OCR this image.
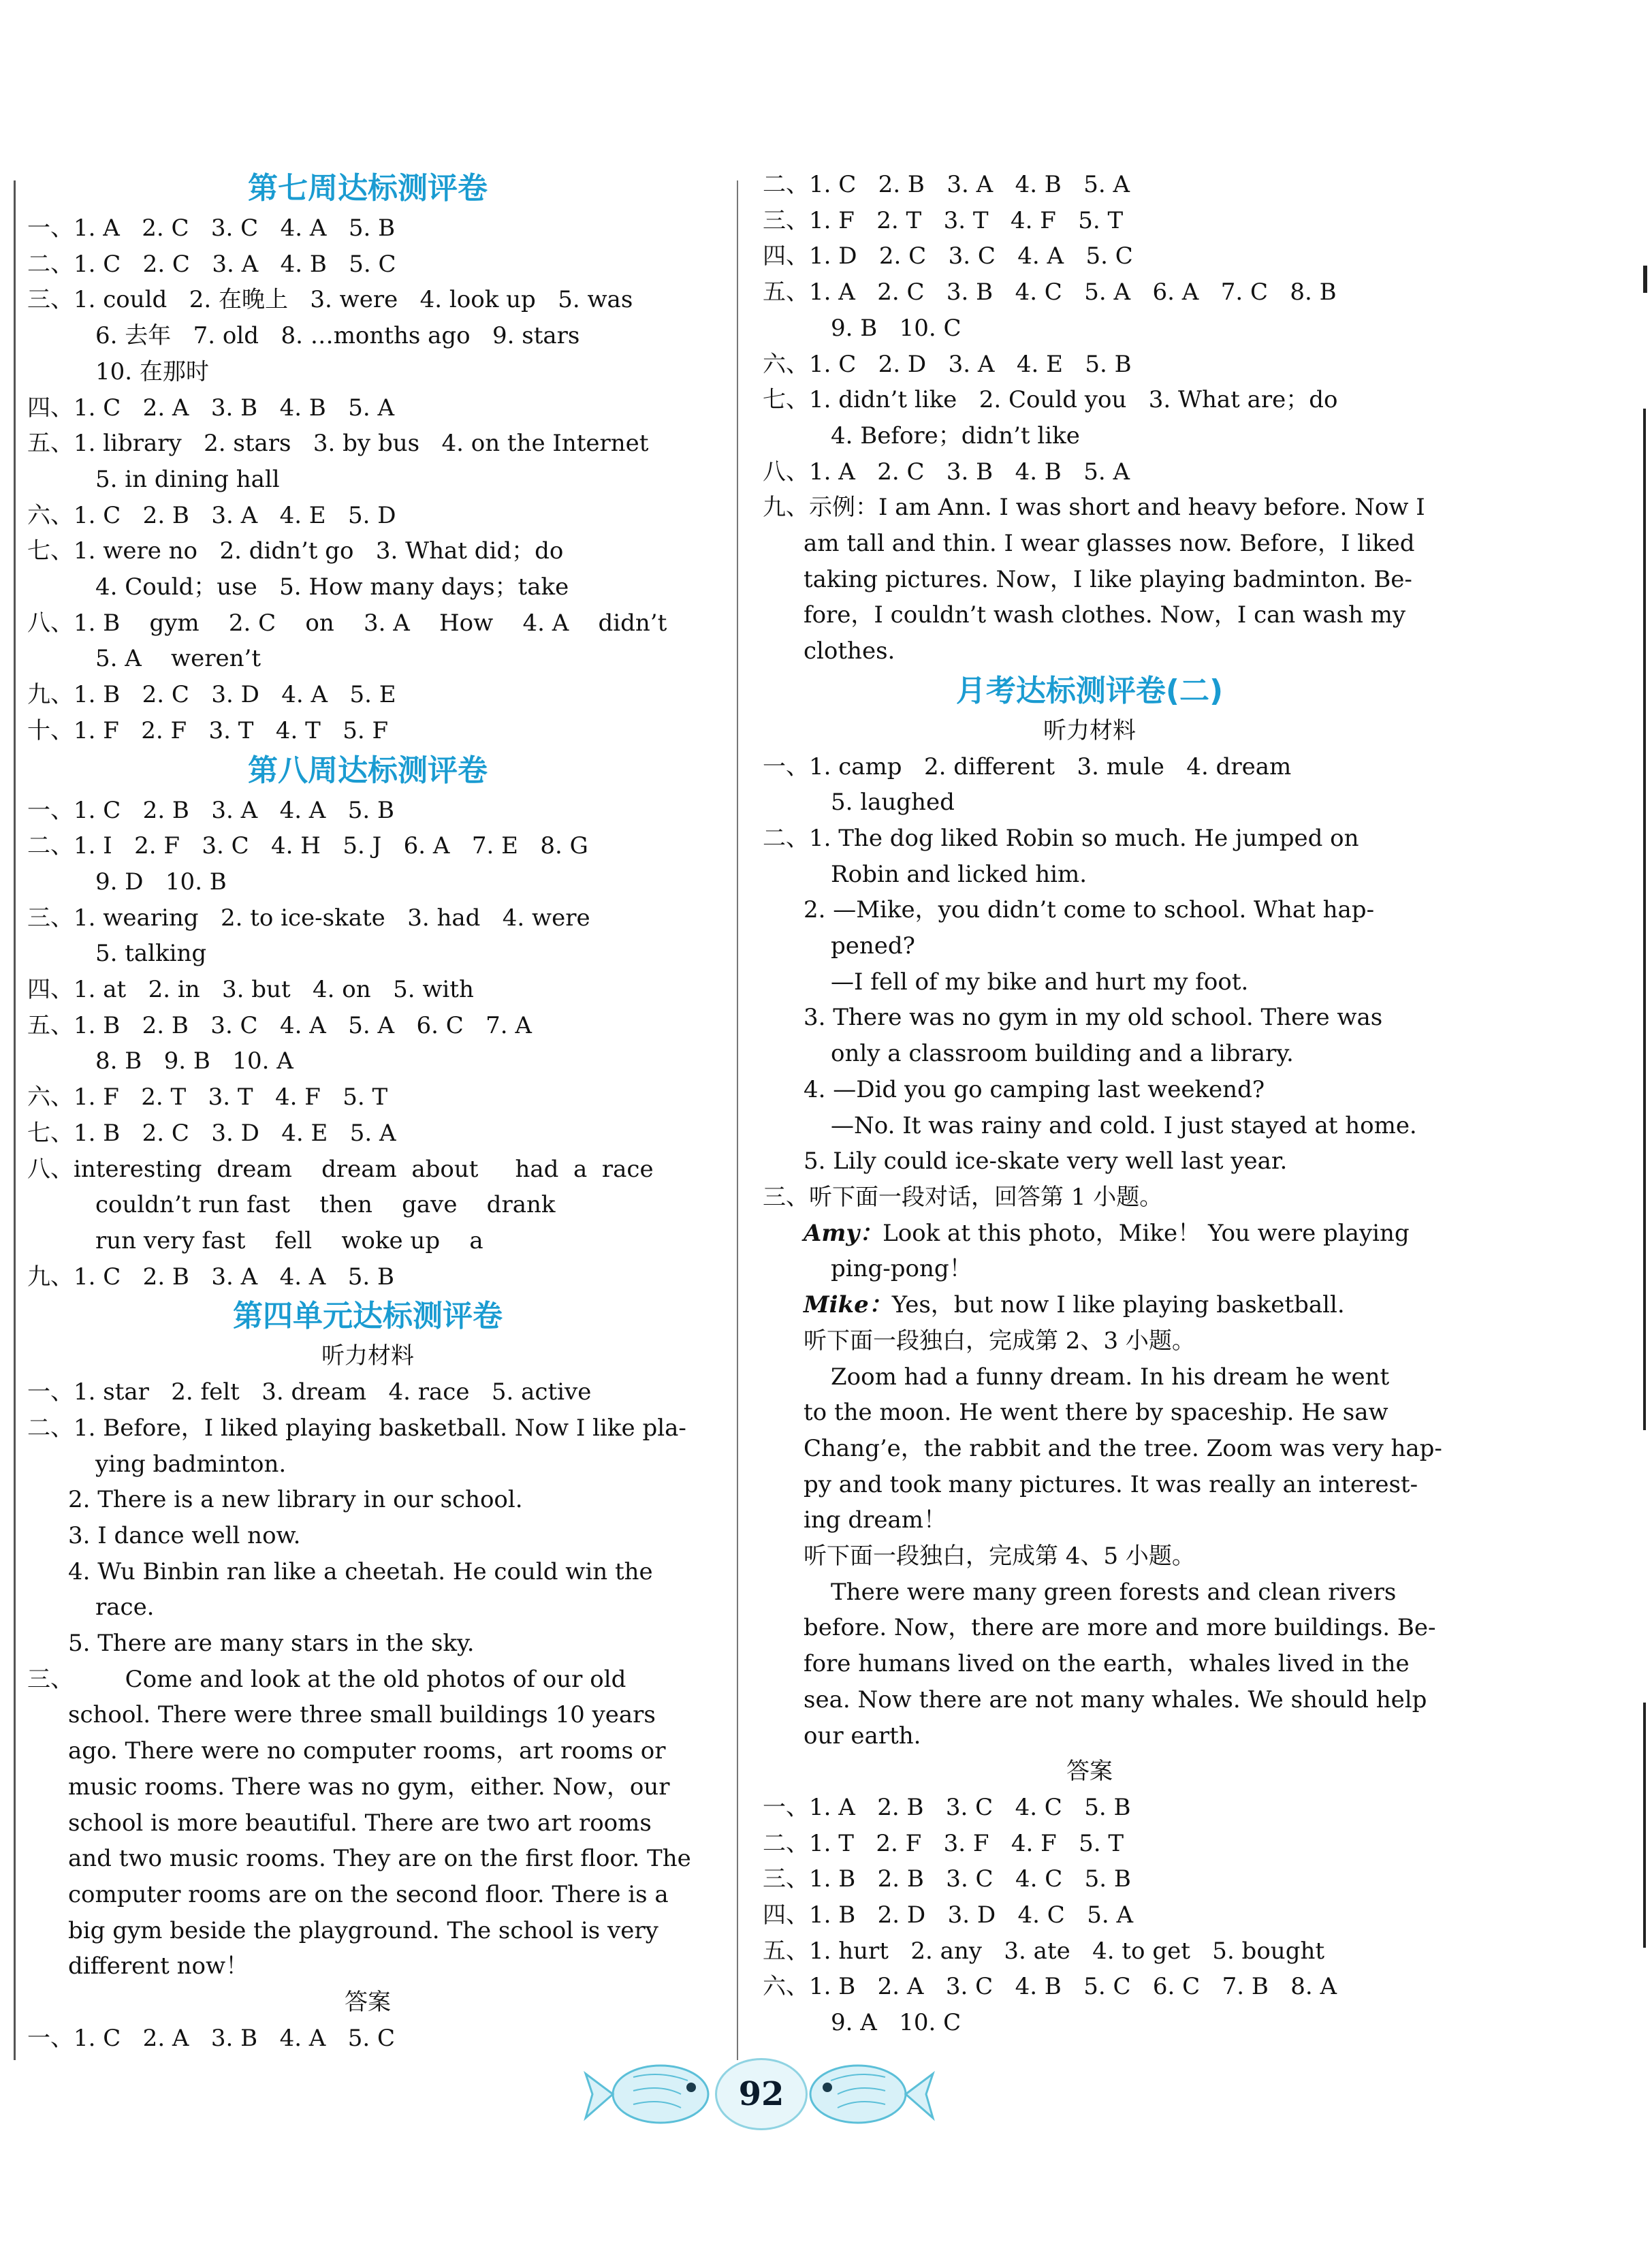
第七周达标测评卷
一、1. A   2. C   3. C   4. A   5. B
二、1. C   2. C   3. A   4. B   5. C
三、1. could   2. 在晚上   3. were   4. look up   5. was
6. 去年   7. old   8. …months ago   9. stars
10. 在那时
四、1. C   2. A   3. B   4. B   5. A
五、1. library   2. stars   3. by bus   4. on the Internet
5. in dining hall
六、1. C   2. B   3. A   4. E   5. D
七、1. were no   2. didn’t go   3. What did；do
4. Could；use   5. How many days；take
八、1. B    gym    2. C    on    3. A    How    4. A    didn’t
5. A    weren’t
九、1. B   2. C   3. D   4. A   5. E
十、1. F   2. F   3. T   4. T   5. F
第八周达标测评卷
一、1. C   2. B   3. A   4. A   5. B
二、1. I   2. F   3. C   4. H   5. J   6. A   7. E   8. G
9. D   10. B
三、1. wearing   2. to ice-skate   3. had   4. were
5. talking
四、1. at   2. in   3. but   4. on   5. with
五、1. B   2. B   3. C   4. A   5. A   6. C   7. A
8. B   9. B   10. A
六、1. F   2. T   3. T   4. F   5. T
七、1. B   2. C   3. D   4. E   5. A
八、interesting  dream    dream  about     had  a  race
couldn’t run fast    then    gave    drank
run very fast    fell    woke up    a
九、1. C   2. B   3. A   4. A   5. B
第四单元达标测评卷
听力材料
一、1. star   2. felt   3. dream   4. race   5. active
二、1. Before，I liked playing basketball. Now I like pla-
ying badminton.
2. There is a new library in our school.
3. I dance well now.
4. Wu Binbin ran like a cheetah. He could win the
race.
5. There are many stars in the sky.
三、       Come and look at the old photos of our old
school. There were three small buildings 10 years
ago. There were no computer rooms，art rooms or
music rooms. There was no gym，either. Now，our
school is more beautiful. There are two art rooms
and two music rooms. They are on the first floor. The
computer rooms are on the second floor. There is a
big gym beside the playground. The school is very
different now！
答案
一、1. C   2. A   3. B   4. A   5. C
二、1. C   2. B   3. A   4. B   5. A
三、1. F   2. T   3. T   4. F   5. T
四、1. D   2. C   3. C   4. A   5. C
五、1. A   2. C   3. B   4. C   5. A   6. A   7. C   8. B
9. B   10. C
六、1. C   2. D   3. A   4. E   5. B
七、1. didn’t like   2. Could you   3. What are；do
4. Before；didn’t like
八、1. A   2. C   3. B   4. B   5. A
九、示例：I am Ann. I was short and heavy before. Now I
am tall and thin. I wear glasses now. Before，I liked
taking pictures. Now，I like playing badminton. Be-
fore，I couldn’t wash clothes. Now，I can wash my
clothes.
月考达标测评卷(二)
听力材料
一、1. camp   2. different   3. mule   4. dream
5. laughed
二、1. The dog liked Robin so much. He jumped on
Robin and licked him.
2. —Mike，you didn’t come to school. What hap-
pened?
—I fell of my bike and hurt my foot.
3. There was no gym in my old school. There was
only a classroom building and a library.
4. —Did you go camping last weekend?
—No. It was rainy and cold. I just stayed at home.
5. Lily could ice-skate very well last year.
三、听下面一段对话，回答第 1 小题。
Amy：Look at this photo，Mike！ You were playing
ping-pong！
Mike：Yes，but now I like playing basketball.
听下面一段独白，完成第 2、3 小题。
Zoom had a funny dream. In his dream he went
to the moon. He went there by spaceship. He saw
Chang’e，the rabbit and the tree. Zoom was very hap-
py and took many pictures. It was really an interest-
ing dream！
听下面一段独白，完成第 4、5 小题。
There were many green forests and clean rivers
before. Now，there are more and more buildings. Be-
fore humans lived on the earth，whales lived in the
sea. Now there are not many whales. We should help
our earth.
答案
一、1. A   2. B   3. C   4. C   5. B
二、1. T   2. F   3. F   4. F   5. T
三、1. B   2. B   3. C   4. C   5. B
四、1. B   2. D   3. D   4. C   5. A
五、1. hurt   2. any   3. ate   4. to get   5. bought
六、1. B   2. A   3. C   4. B   5. C   6. C   7. B   8. A
9. A   10. C
92
